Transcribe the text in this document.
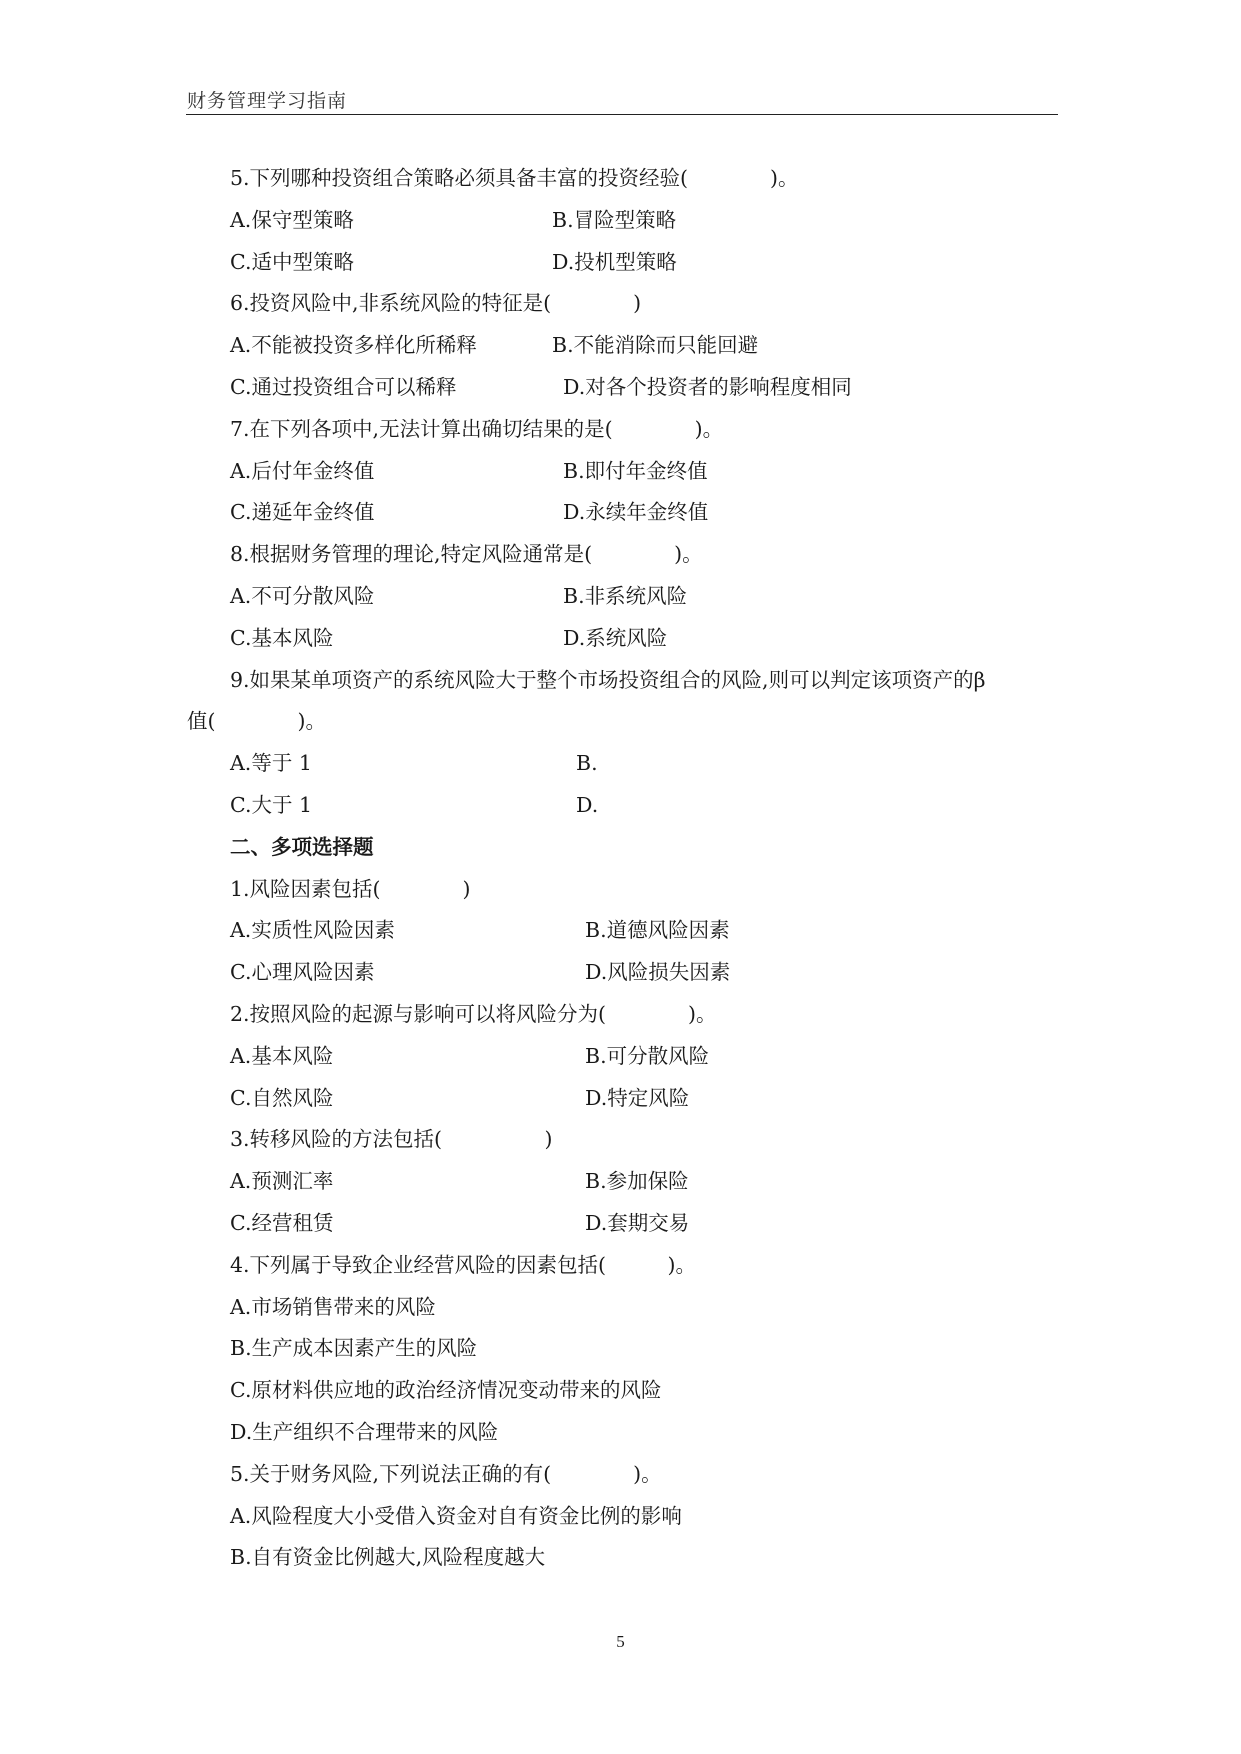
财务管理学习指南
5.下列哪种投资组合策略必须具备丰富的投资经验(　　　　)。
A.保守型策略	B.冒险型策略
C.适中型策略	D.投机型策略
6.投资风险中,非系统风险的特征是(　　　　)
A.不能被投资多样化所稀释	B.不能消除而只能回避
C.通过投资组合可以稀释	D.对各个投资者的影响程度相同
7.在下列各项中,无法计算出确切结果的是(　　　　)。
A.后付年金终值	B.即付年金终值
C.递延年金终值	D.永续年金终值
8.根据财务管理的理论,特定风险通常是(　　　　)。
A.不可分散风险	B.非系统风险
C.基本风险	D.系统风险
9.如果某单项资产的系统风险大于整个市场投资组合的风险,则可以判定该项资产的β
值(　　　　)。
A.等于 1	B.
C.大于 1	D.
二、多项选择题
1.风险因素包括(　　　　)
A.实质性风险因素	B.道德风险因素
C.心理风险因素	D.风险损失因素
2.按照风险的起源与影响可以将风险分为(　　　　)。
A.基本风险	B.可分散风险
C.自然风险	D.特定风险
3.转移风险的方法包括(　　　　　)
A.预测汇率	B.参加保险
C.经营租赁	D.套期交易
4.下列属于导致企业经营风险的因素包括(　　　)。
A.市场销售带来的风险
B.生产成本因素产生的风险
C.原材料供应地的政治经济情况变动带来的风险
D.生产组织不合理带来的风险
5.关于财务风险,下列说法正确的有(　　　　)。
A.风险程度大小受借入资金对自有资金比例的影响
B.自有资金比例越大,风险程度越大
5
